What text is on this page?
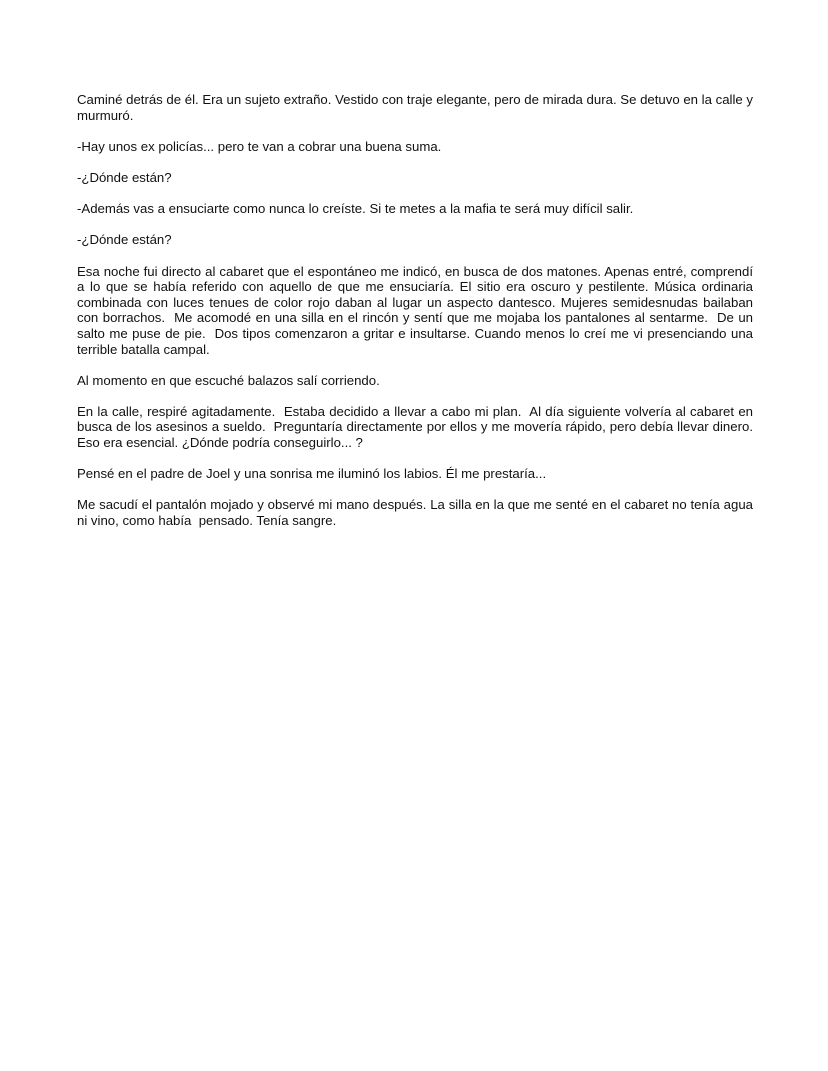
Caminé detrás de él. Era un sujeto extraño. Vestido con traje elegante, pero de mirada dura. Se detuvo en la calle y murmuró.

-Hay unos ex policías... pero te van a cobrar una buena suma.

-¿Dónde están?

-Además vas a ensuciarte como nunca lo creíste. Si te metes a la mafia te será muy difícil salir.

-¿Dónde están?

Esa noche fui directo al cabaret que el espontáneo me indicó, en busca de dos matones. Apenas entré, comprendí a lo que se había referido con aquello de que me ensuciaría. El sitio era oscuro y pestilente. Música ordinaria combinada con luces tenues de color rojo daban al lugar un aspecto dantesco. Mujeres semidesnudas bailaban con borrachos.  Me acomodé en una silla en el rincón y sentí que me mojaba los pantalones al sentarme.  De un salto me puse de pie.  Dos tipos comenzaron a gritar e insultarse. Cuando menos lo creí me vi presenciando una terrible batalla campal.

Al momento en que escuché balazos salí corriendo.

En la calle, respiré agitadamente.  Estaba decidido a llevar a cabo mi plan.  Al día siguiente volvería al cabaret en busca de los asesinos a sueldo.  Preguntaría directamente por ellos y me movería rápido, pero debía llevar dinero. Eso era esencial. ¿Dónde podría conseguirlo... ?

Pensé en el padre de Joel y una sonrisa me iluminó los labios. Él me prestaría...

Me sacudí el pantalón mojado y observé mi mano después. La silla en la que me senté en el cabaret no tenía agua ni vino, como había  pensado. Tenía sangre.
